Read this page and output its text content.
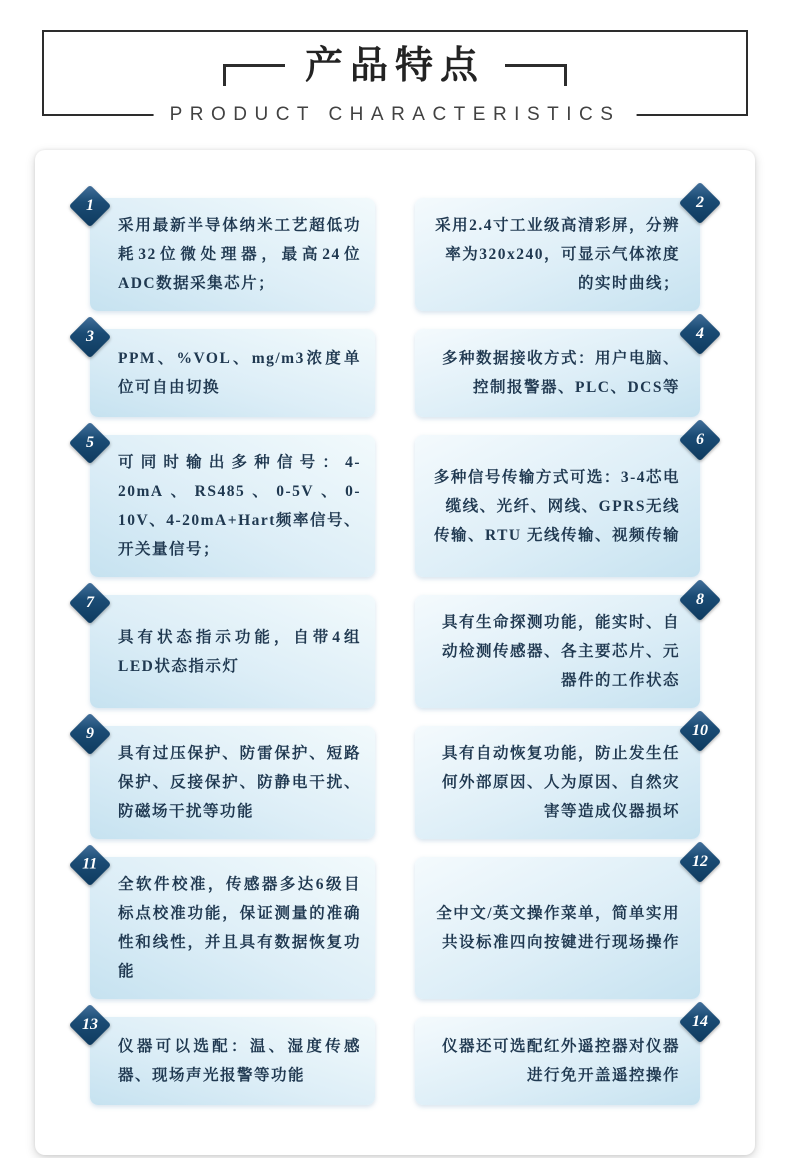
产品特点
PRODUCT CHARACTERISTICS
1

采用最新半导体纳米工艺超低功耗32位微处理器，最高24位ADC数据采集芯片；

2

采用2.4寸工业级高清彩屏，分辨率为320x240，可显示气体浓度的实时曲线；

3

PPM、%VOL、mg/m3浓度单位可自由切换

4

多种数据接收方式：用户电脑、控制报警器、PLC、DCS等

5

可同时输出多种信号：4-20mA、RS485、0-5V、0-10V、4-20mA+Hart频率信号、开关量信号；

6

多种信号传输方式可选：3-4芯电缆线、光纤、网线、GPRS无线传输、RTU 无线传输、视频传输

7

具有状态指示功能，自带4组LED状态指示灯

8

具有生命探测功能，能实时、自动检测传感器、各主要芯片、元器件的工作状态

9

具有过压保护、防雷保护、短路保护、反接保护、防静电干扰、防磁场干扰等功能

10

具有自动恢复功能，防止发生任何外部原因、人为原因、自然灾害等造成仪器损坏

11

全软件校准，传感器多达6级目标点校准功能，保证测量的准确性和线性，并且具有数据恢复功能

12

全中文/英文操作菜单，简单实用共设标准四向按键进行现场操作

13

仪器可以选配：温、湿度传感器、现场声光报警等功能

14

仪器还可选配红外遥控器对仪器进行免开盖遥控操作
